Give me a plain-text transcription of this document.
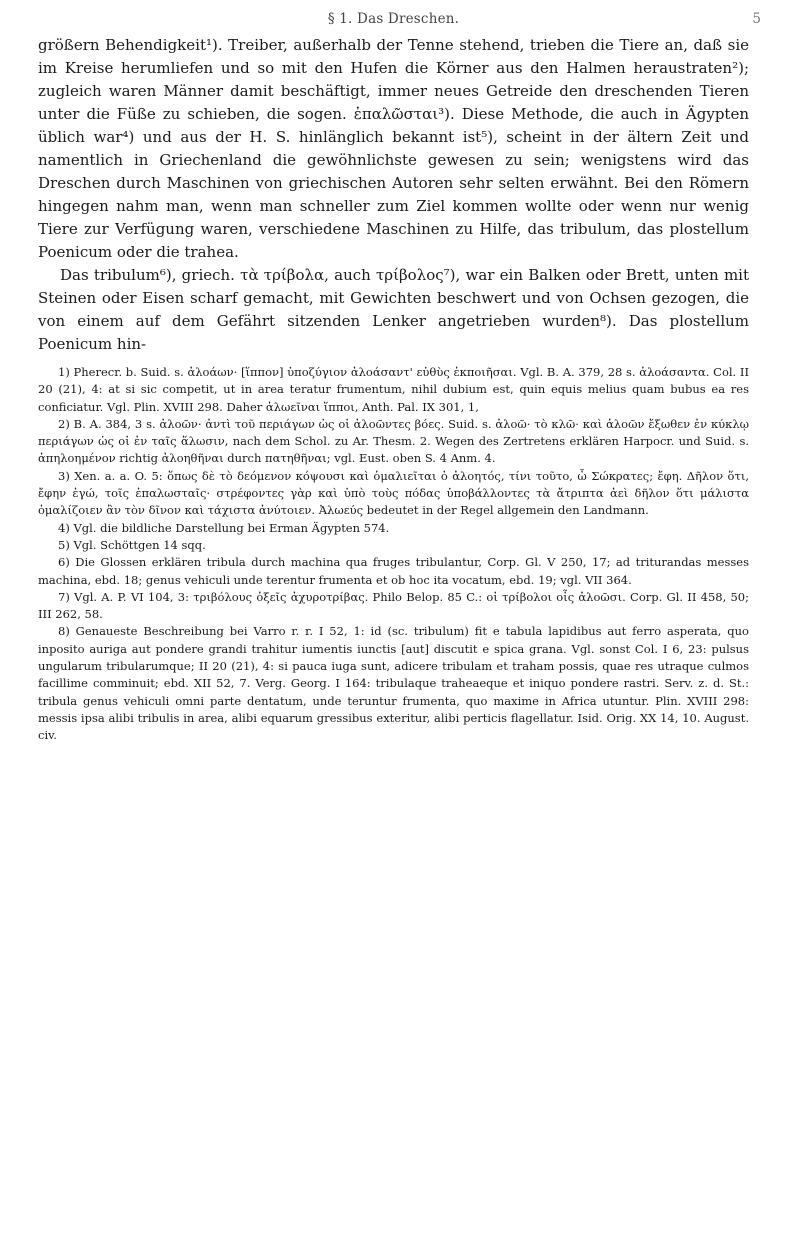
§ 1. Das Dreschen.	5

größern Behendigkeit¹). Treiber, außerhalb der Tenne stehend, trieben die Tiere an, daß sie im Kreise herumliefen und so mit den Hufen die Körner aus den Halmen heraustraten²); zugleich waren Männer damit beschäftigt, immer neues Getreide den dreschenden Tieren unter die Füße zu schieben, die sogen. ἐπαλῶσται³). Diese Methode, die auch in Ägypten üblich war⁴) und aus der H. S. hinlänglich bekannt ist⁵), scheint in der ältern Zeit und namentlich in Griechenland die gewöhnlichste gewesen zu sein; wenigstens wird das Dreschen durch Maschinen von griechischen Autoren sehr selten erwähnt. Bei den Römern hingegen nahm man, wenn man schneller zum Ziel kommen wollte oder wenn nur wenig Tiere zur Verfügung waren, verschiedene Maschinen zu Hilfe, das tribulum, das plostellum Poenicum oder die trahea.

Das tribulum⁶), griech. τὰ τρίβολα, auch τρίβολος⁷), war ein Balken oder Brett, unten mit Steinen oder Eisen scharf gemacht, mit Gewichten beschwert und von Ochsen gezogen, die von einem auf dem Gefährt sitzenden Lenker angetrieben wurden⁸). Das plostellum Poenicum hin-

1) Pherecr. b. Suid. s. ἀλοάων· [ἵππον] ὑποζύγιον ἀλοάσαντ' εὐθὺς ἐκποιῆσαι. Vgl. B. A. 379, 28 s. ἀλοάσαντα. Col. II 20 (21), 4: at si sic competit, ut in area teratur frumentum, nihil dubium est, quin equis melius quam bubus ea res conficiatur. Vgl. Plin. XVIII 298. Daher ἀλωεῖναι ἵπποι, Anth. Pal. IX 301, 1,

2) B. A. 384, 3 s. ἀλοῶν· ἀντὶ τοῦ περιάγων ὡς οἱ ἀλοῶντες βόες. Suid. s. ἀλοῶ· τὸ κλῶ· καὶ ἀλοῶν ἔξωθεν ἐν κύκλῳ περιάγων ὡς οἱ ἐν ταῖς ἅλωσιν, nach dem Schol. zu Ar. Thesm. 2. Wegen des Zertretens erklären Harpocr. und Suid. s. ἀπηλοημένον richtig ἀλοηθῆναι durch πατηθῆναι; vgl. Eust. oben S. 4 Anm. 4.

3) Xen. a. a. O. 5: ὅπως δὲ τὸ δεόμενον κόψουσι καὶ ὁμαλιεῖται ὁ ἀλοητός, τίνι τοῦτο, ὦ Σώκρατες; ἔφη. Δῆλον ὅτι, ἔφην ἐγώ, τοῖς ἐπαλωσταῖς· στρέφοντες γὰρ καὶ ὑπὸ τοὺς πόδας ὑποβάλλοντες τὰ ἄτριπτα ἀεὶ δῆλον ὅτι μάλιστα ὁμαλίζοιεν ἂν τὸν δῖνον καὶ τάχιστα ἀνύτοιεν. Ἀλωεύς bedeutet in der Regel allgemein den Landmann.

4) Vgl. die bildliche Darstellung bei Erman Ägypten 574.

5) Vgl. Schöttgen 14 sqq.

6) Die Glossen erklären tribula durch machina qua fruges tribulantur, Corp. Gl. V 250, 17; ad triturandas messes machina, ebd. 18; genus vehiculi unde terentur frumenta et ob hoc ita vocatum, ebd. 19; vgl. VII 364.

7) Vgl. A. P. VI 104, 3: τριβόλους ὀξεῖς ἀχυροτρίβας. Philo Belop. 85 C.: οἱ τρίβολοι οἷς ἀλοῶσι. Corp. Gl. II 458, 50; III 262, 58.

8) Genaueste Beschreibung bei Varro r. r. I 52, 1: id (sc. tribulum) fit e tabula lapidibus aut ferro asperata, quo inposito auriga aut pondere grandi trahitur iumentis iunctis [aut] discutit e spica grana. Vgl. sonst Col. I 6, 23: pulsus ungularum tribularumque; II 20 (21), 4: si pauca iuga sunt, adicere tribulam et traham possis, quae res utraque culmos facillime comminuit; ebd. XII 52, 7. Verg. Georg. I 164: tribulaque traheaeque et iniquo pondere rastri. Serv. z. d. St.: tribula genus vehiculi omni parte dentatum, unde teruntur frumenta, quo maxime in Africa utuntur. Plin. XVIII 298: messis ipsa alibi tribulis in area, alibi equarum gressibus exteritur, alibi perticis flagellatur. Isid. Orig. XX 14, 10. August. civ.
